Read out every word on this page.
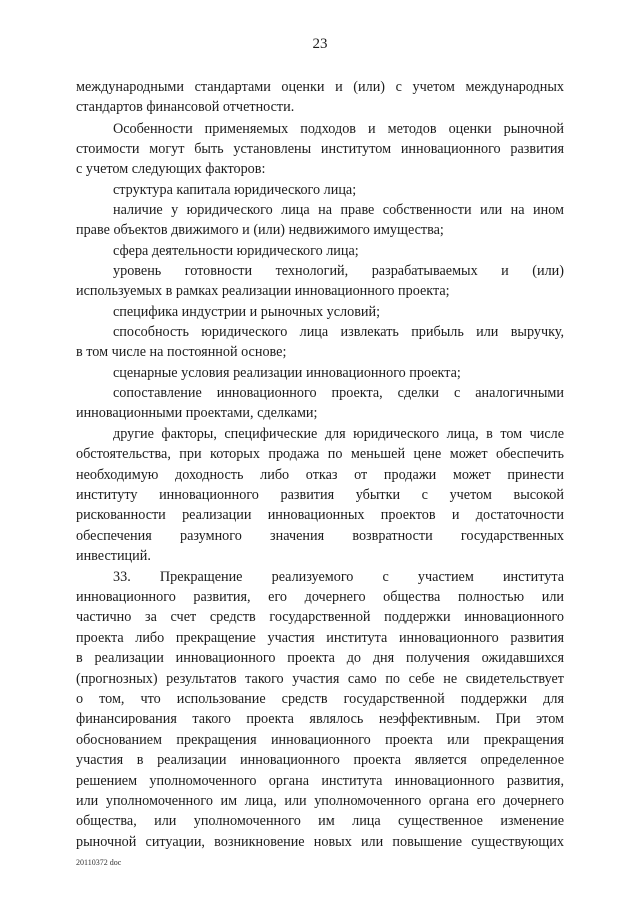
23
международными стандартами оценки и (или) с учетом международных
стандартов финансовой отчетности.
Особенности применяемых подходов и методов оценки рыночной
стоимости могут быть установлены институтом инновационного развития
с учетом следующих факторов:
структура капитала юридического лица;
наличие у юридического лица на праве собственности или на ином
праве объектов движимого и (или) недвижимого имущества;
сфера деятельности юридического лица;
уровень готовности технологий, разрабатываемых и (или)
используемых в рамках реализации инновационного проекта;
специфика индустрии и рыночных условий;
способность юридического лица извлекать прибыль или выручку,
в том числе на постоянной основе;
сценарные условия реализации инновационного проекта;
сопоставление инновационного проекта, сделки с аналогичными
инновационными проектами, сделками;
другие факторы, специфические для юридического лица, в том числе
обстоятельства, при которых продажа по меньшей цене может обеспечить
необходимую доходность либо отказ от продажи может принести
институту инновационного развития убытки с учетом высокой
рискованности реализации инновационных проектов и достаточности
обеспечения разумного значения возвратности государственных
инвестиций.
33. Прекращение реализуемого с участием института
инновационного развития, его дочернего общества полностью или
частично за счет средств государственной поддержки инновационного
проекта либо прекращение участия института инновационного развития
в реализации инновационного проекта до дня получения ожидавшихся
(прогнозных) результатов такого участия само по себе не свидетельствует
о том, что использование средств государственной поддержки для
финансирования такого проекта являлось неэффективным. При этом
обоснованием прекращения инновационного проекта или прекращения
участия в реализации инновационного проекта является определенное
решением уполномоченного органа института инновационного развития,
или уполномоченного им лица, или уполномоченного органа его дочернего
общества, или уполномоченного им лица существенное изменение
рыночной ситуации, возникновение новых или повышение существующих
20110372 doc
